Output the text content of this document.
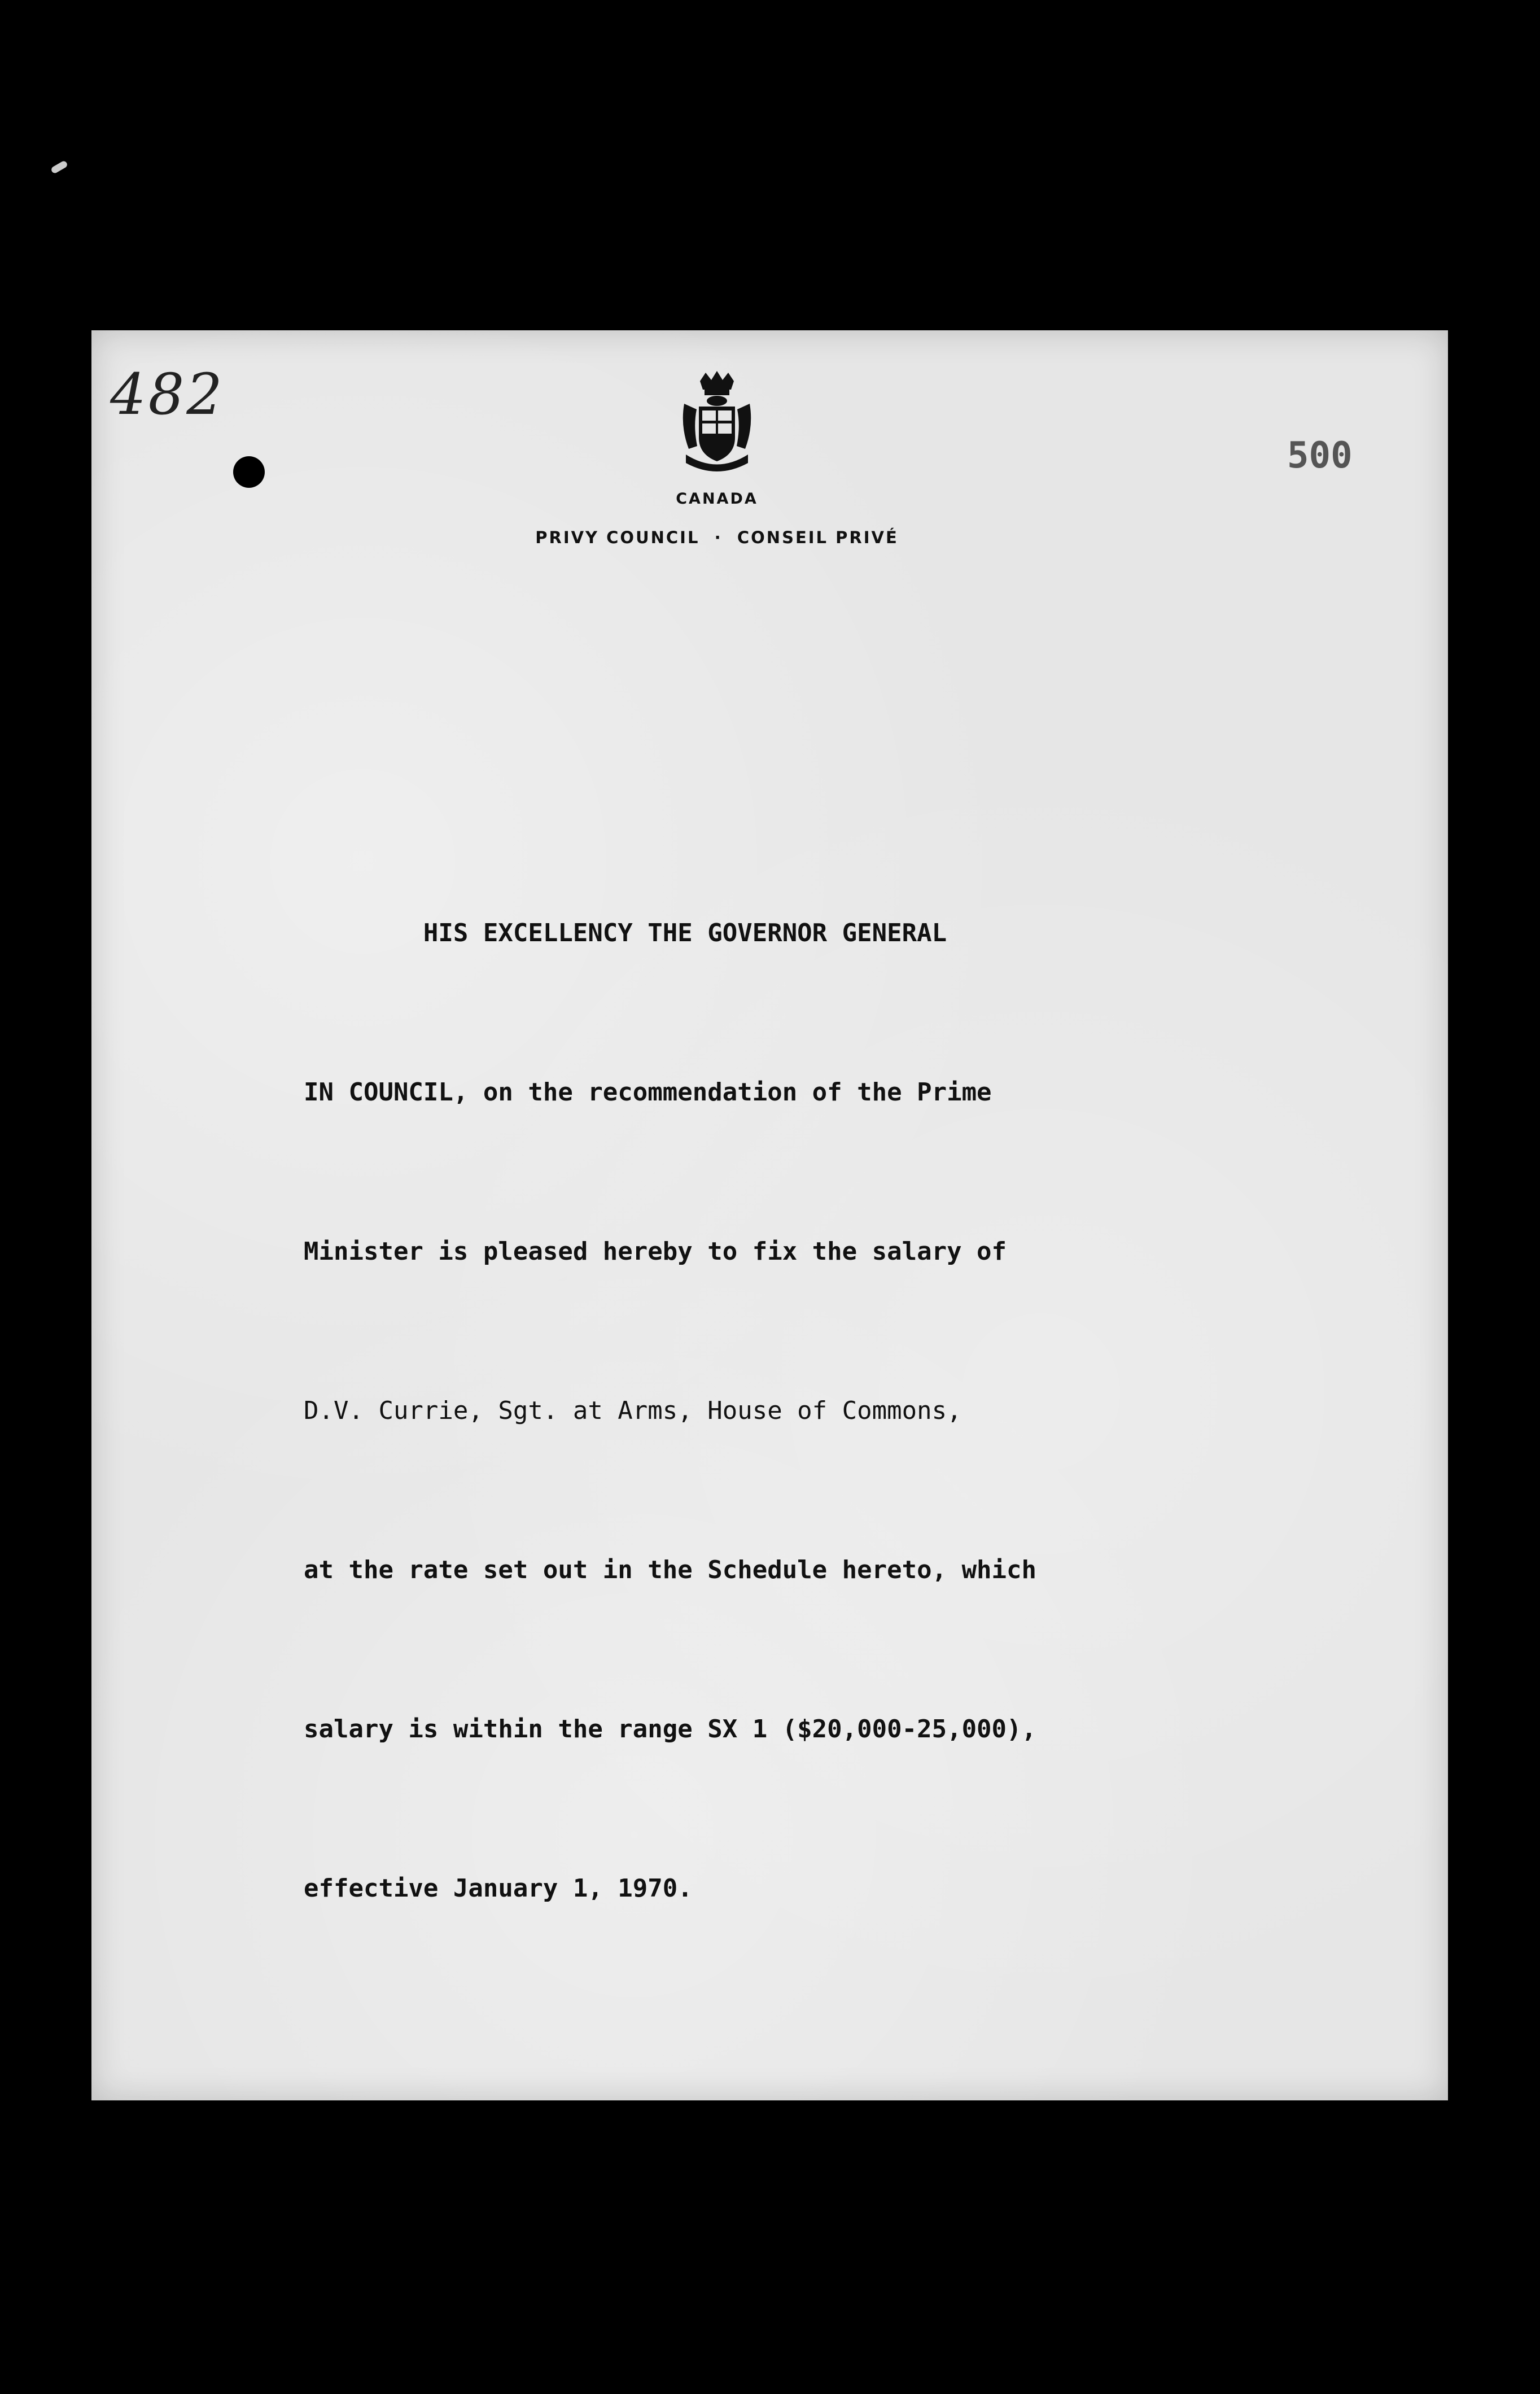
482
500
CANADA
PRIVY COUNCIL  ·  CONSEIL PRIVÉ

HIS EXCELLENCY THE GOVERNOR GENERAL

IN COUNCIL, on the recommendation of the Prime

Minister is pleased hereby to fix the salary of

D.V. Currie, Sgt. at Arms, House of Commons,

at the rate set out in the Schedule hereto, which

salary is within the range SX 1 ($20,000-25,000),

effective January 1, 1970.
